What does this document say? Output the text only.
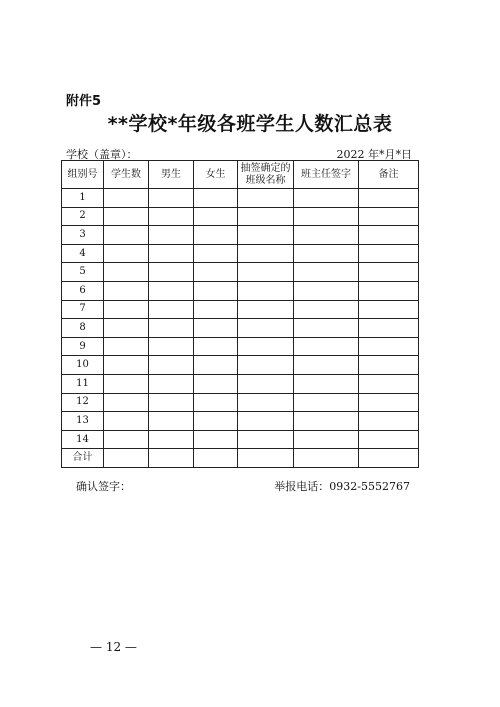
附件5
**学校*年级各班学生人数汇总表
学校（盖章）：	2022 年*月*日
组别号	学生数	男生	女生	抽签确定的班级名称	班主任签字	备注
1						
2						
3						
4						
5						
6						
7						
8						
9						
10						
11						
12						
13						
14						
合计						
确认签字：	举报电话：0932-5552767
— 12 —
